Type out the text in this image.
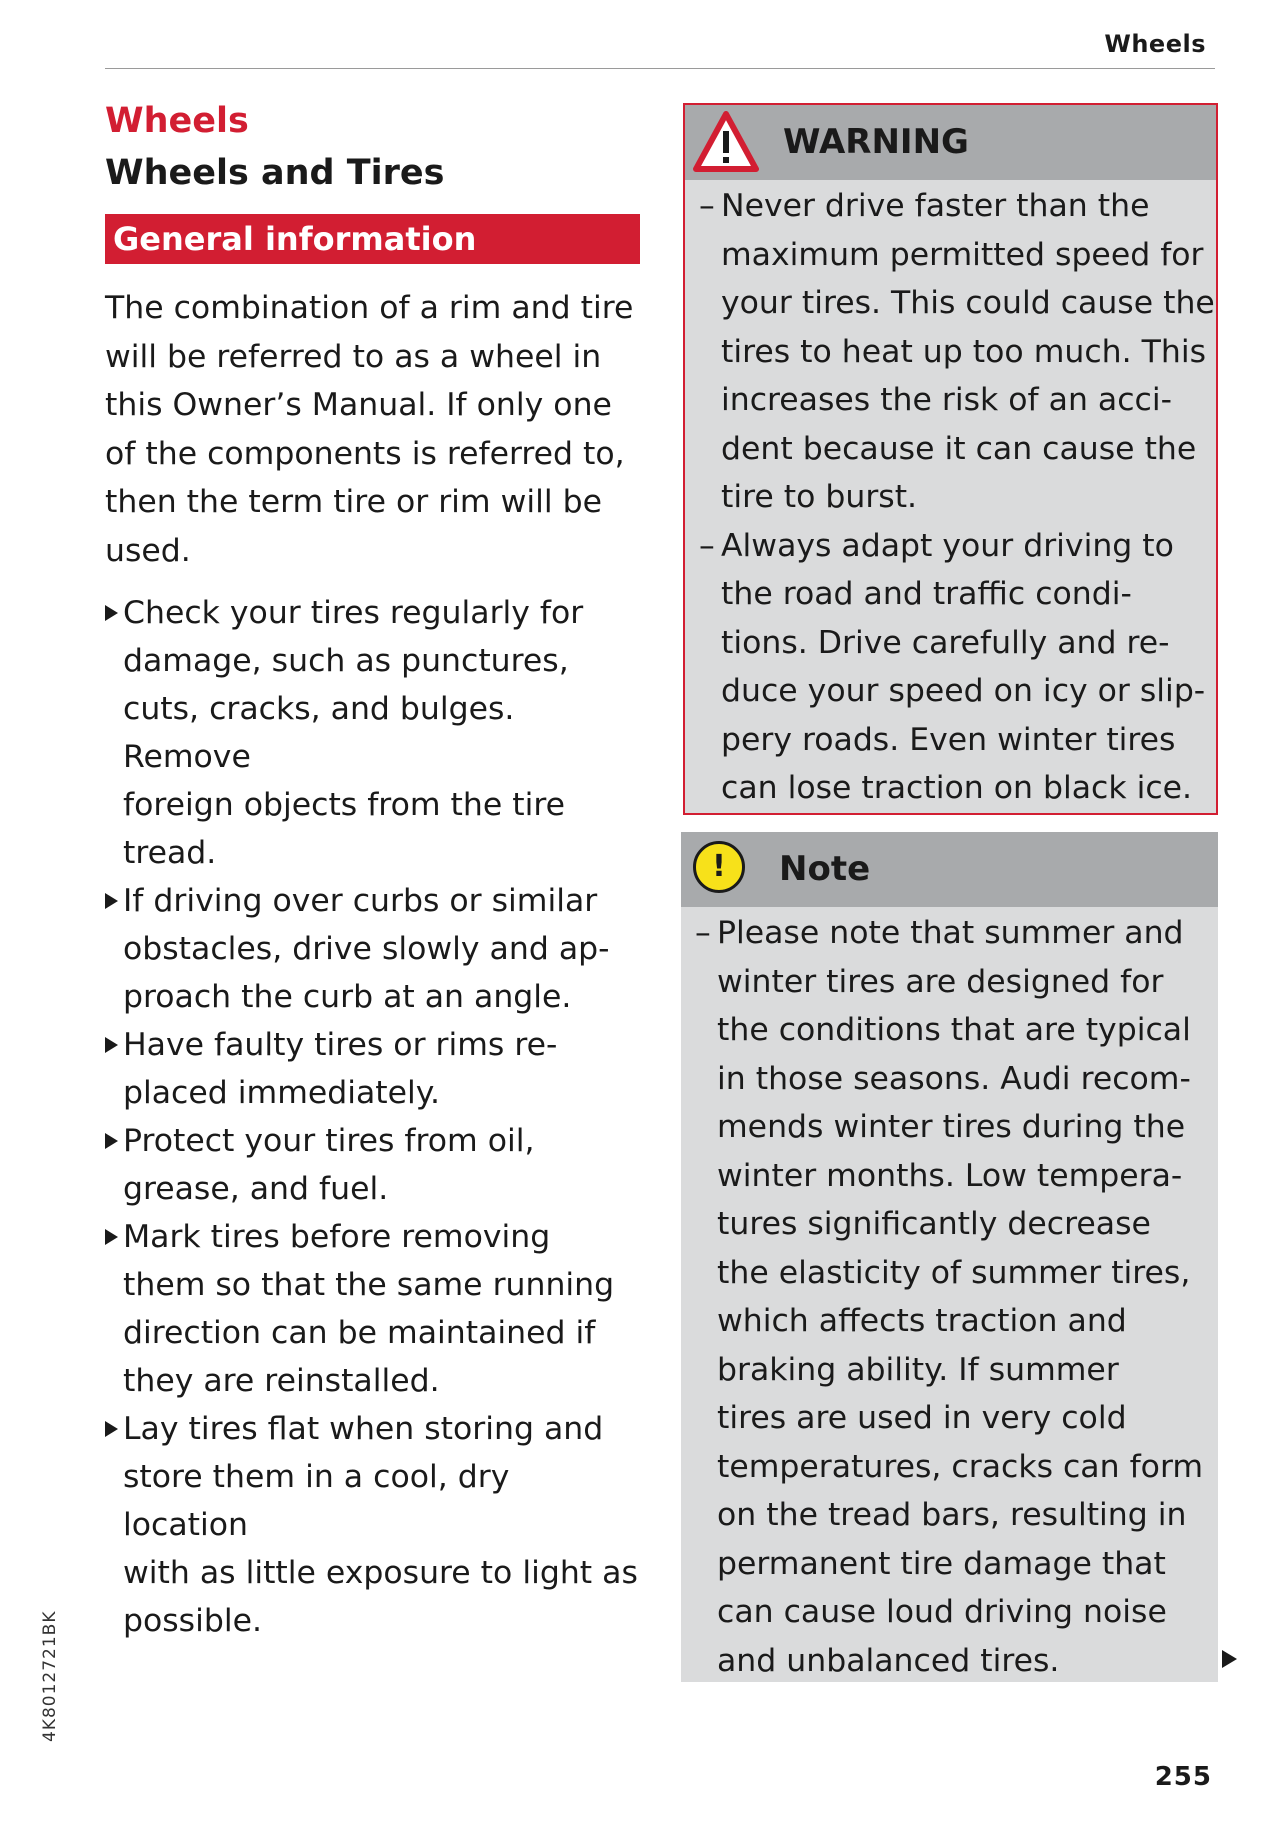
Wheels
Wheels
Wheels and Tires
General information
The combination of a rim and tire
will be referred to as a wheel in
this Owner’s Manual. If only one
of the components is referred to,
then the term tire or rim will be
used.
Check your tires regularly for
damage, such as punctures,
cuts, cracks, and bulges. Remove
foreign objects from the tire
tread.
If driving over curbs or similar
obstacles, drive slowly and ap-
proach the curb at an angle.
Have faulty tires or rims re-
placed immediately.
Protect your tires from oil,
grease, and fuel.
Mark tires before removing
them so that the same running
direction can be maintained if
they are reinstalled.
Lay tires flat when storing and
store them in a cool, dry location
with as little exposure to light as
possible.
WARNING
– Never drive faster than the
maximum permitted speed for
your tires. This could cause the
tires to heat up too much. This
increases the risk of an acci-
dent because it can cause the
tire to burst.
– Always adapt your driving to
the road and traffic condi-
tions. Drive carefully and re-
duce your speed on icy or slip-
pery roads. Even winter tires
can lose traction on black ice.
!	Note
– Please note that summer and
winter tires are designed for
the conditions that are typical
in those seasons. Audi recom-
mends winter tires during the
winter months. Low tempera-
tures significantly decrease
the elasticity of summer tires,
which affects traction and
braking ability. If summer
tires are used in very cold
temperatures, cracks can form
on the tread bars, resulting in
permanent tire damage that
can cause loud driving noise
and unbalanced tires.
4K8012721BK
255
